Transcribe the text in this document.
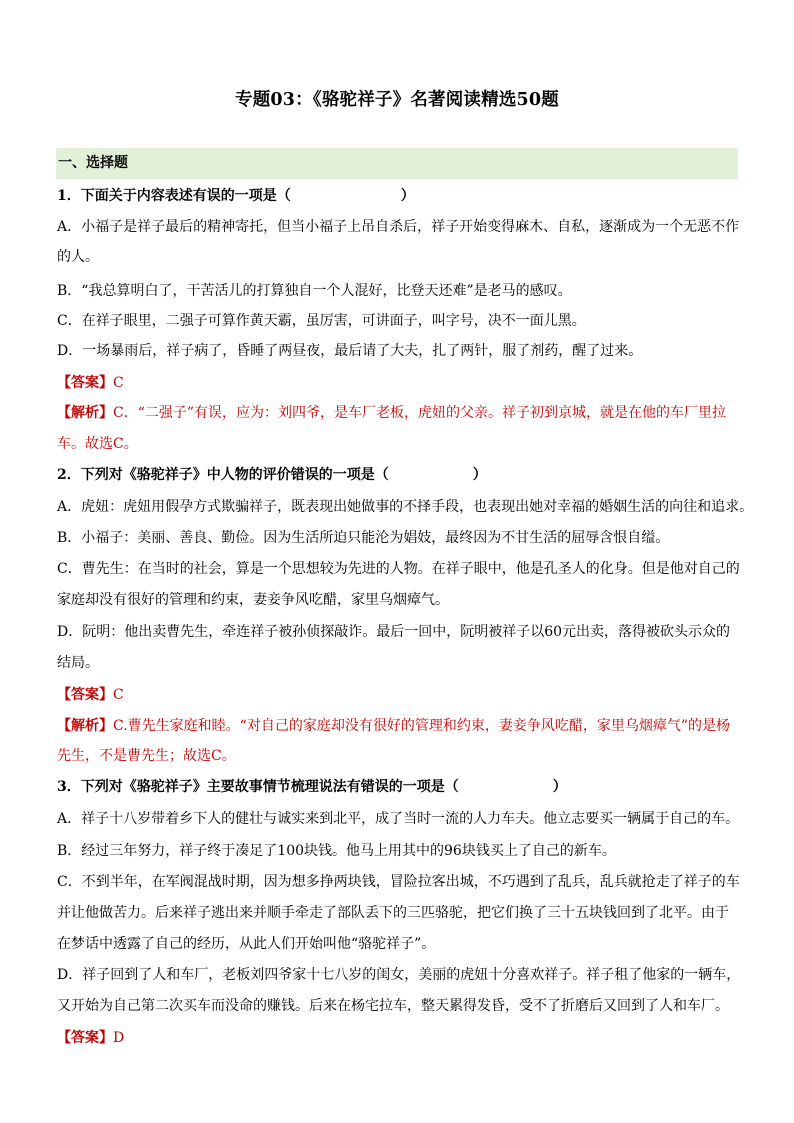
专题03：《骆驼祥子》名著阅读精选50题
一、选择题
1．下面关于内容表述有误的一项是（	）
A．小福子是祥子最后的精神寄托，但当小福子上吊自杀后，祥子开始变得麻木、自私，逐渐成为一个无恶不作
的人。
B．“我总算明白了，干苦活儿的打算独自一个人混好，比登天还难”是老马的感叹。
C．在祥子眼里，二强子可算作黄天霸，虽厉害，可讲面子，叫字号，决不一面儿黑。
D．一场暴雨后，祥子病了，昏睡了两昼夜，最后请了大夫，扎了两针，服了剂药，醒了过来。
【答案】C
【解析】C．“二强子”有误，应为：刘四爷，是车厂老板，虎妞的父亲。祥子初到京城，就是在他的车厂里拉
车。故选C。
2．下列对《骆驼祥子》中人物的评价错误的一项是（	）
A．虎妞：虎妞用假孕方式欺骗祥子，既表现出她做事的不择手段，也表现出她对幸福的婚姻生活的向往和追求。
B．小福子：美丽、善良、勤俭。因为生活所迫只能沦为娼妓，最终因为不甘生活的屈辱含恨自缢。
C．曹先生：在当时的社会，算是一个思想较为先进的人物。在祥子眼中，他是孔圣人的化身。但是他对自己的
家庭却没有很好的管理和约束，妻妾争风吃醋，家里乌烟瘴气。
D．阮明：他出卖曹先生，牵连祥子被孙侦探敲诈。最后一回中，阮明被祥子以60元出卖，落得被砍头示众的
结局。
【答案】C
【解析】C.曹先生家庭和睦。“对自己的家庭却没有很好的管理和约束，妻妾争风吃醋，家里乌烟瘴气”的是杨
先生，不是曹先生；故选C。
3．下列对《骆驼祥子》主要故事情节梳理说法有错误的一项是（	）
A．祥子十八岁带着乡下人的健壮与诚实来到北平，成了当时一流的人力车夫。他立志要买一辆属于自己的车。
B．经过三年努力，祥子终于凑足了100块钱。他马上用其中的96块钱买上了自己的新车。
C．不到半年，在军阀混战时期，因为想多挣两块钱，冒险拉客出城，不巧遇到了乱兵，乱兵就抢走了祥子的车
并让他做苦力。后来祥子逃出来并顺手牵走了部队丢下的三匹骆驼，把它们换了三十五块钱回到了北平。由于
在梦话中透露了自己的经历，从此人们开始叫他“骆驼祥子”。
D．祥子回到了人和车厂，老板刘四爷家十七八岁的闺女，美丽的虎妞十分喜欢祥子。祥子租了他家的一辆车，
又开始为自己第二次买车而没命的赚钱。后来在杨宅拉车，整天累得发昏，受不了折磨后又回到了人和车厂。
【答案】D
